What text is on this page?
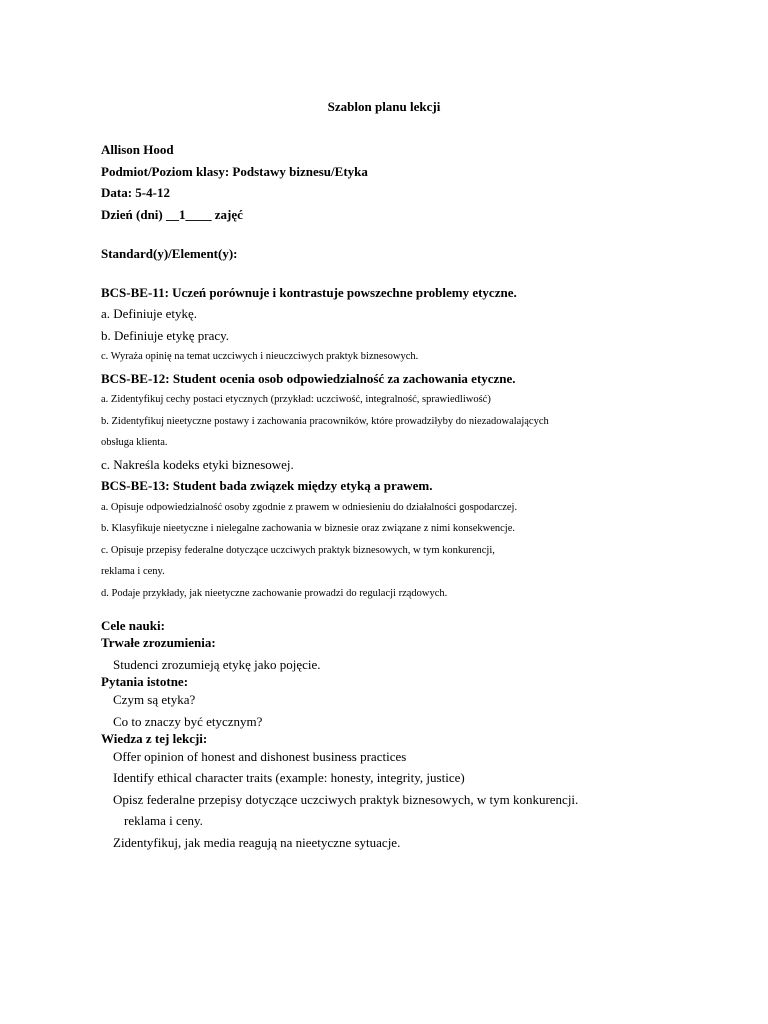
Szablon planu lekcji
Allison Hood
Podmiot/Poziom klasy: Podstawy biznesu/Etyka
Data: 5-4-12
Dzień (dni) __1____ zajęć
Standard(y)/Element(y):
BCS-BE-11: Uczeń porównuje i kontrastuje powszechne problemy etyczne.
a. Definiuje etykę.
b. Definiuje etykę pracy.
c. Wyraża opinię na temat uczciwych i nieuczciwych praktyk biznesowych.
BCS-BE-12: Student ocenia osob odpowiedzialność za zachowania etyczne.
a. Zidentyfikuj cechy postaci etycznych (przykład: uczciwość, integralność, sprawiedliwość)
b. Zidentyfikuj nieetyczne postawy i zachowania pracowników, które prowadziłyby do niezadowalających
obsługa klienta.
c. Nakreśla kodeks etyki biznesowej.
BCS-BE-13: Student bada związek między etyką a prawem.
a. Opisuje odpowiedzialność osoby zgodnie z prawem w odniesieniu do działalności gospodarczej.
b. Klasyfikuje nieetyczne i nielegalne zachowania w biznesie oraz związane z nimi konsekwencje.
c. Opisuje przepisy federalne dotyczące uczciwych praktyk biznesowych, w tym konkurencji,
reklama i ceny.
d. Podaje przykłady, jak nieetyczne zachowanie prowadzi do regulacji rządowych.
Cele nauki:
Trwałe zrozumienia:
Studenci zrozumieją etykę jako pojęcie.
Pytania istotne:
Czym są etyka?
Co to znaczy być etycznym?
Wiedza z tej lekcji:
Offer opinion of honest and dishonest business practices
Identify ethical character traits (example: honesty, integrity, justice)
Opisz federalne przepisy dotyczące uczciwych praktyk biznesowych, w tym konkurencji.
reklama i ceny.
Zidentyfikuj, jak media reagują na nieetyczne sytuacje.
